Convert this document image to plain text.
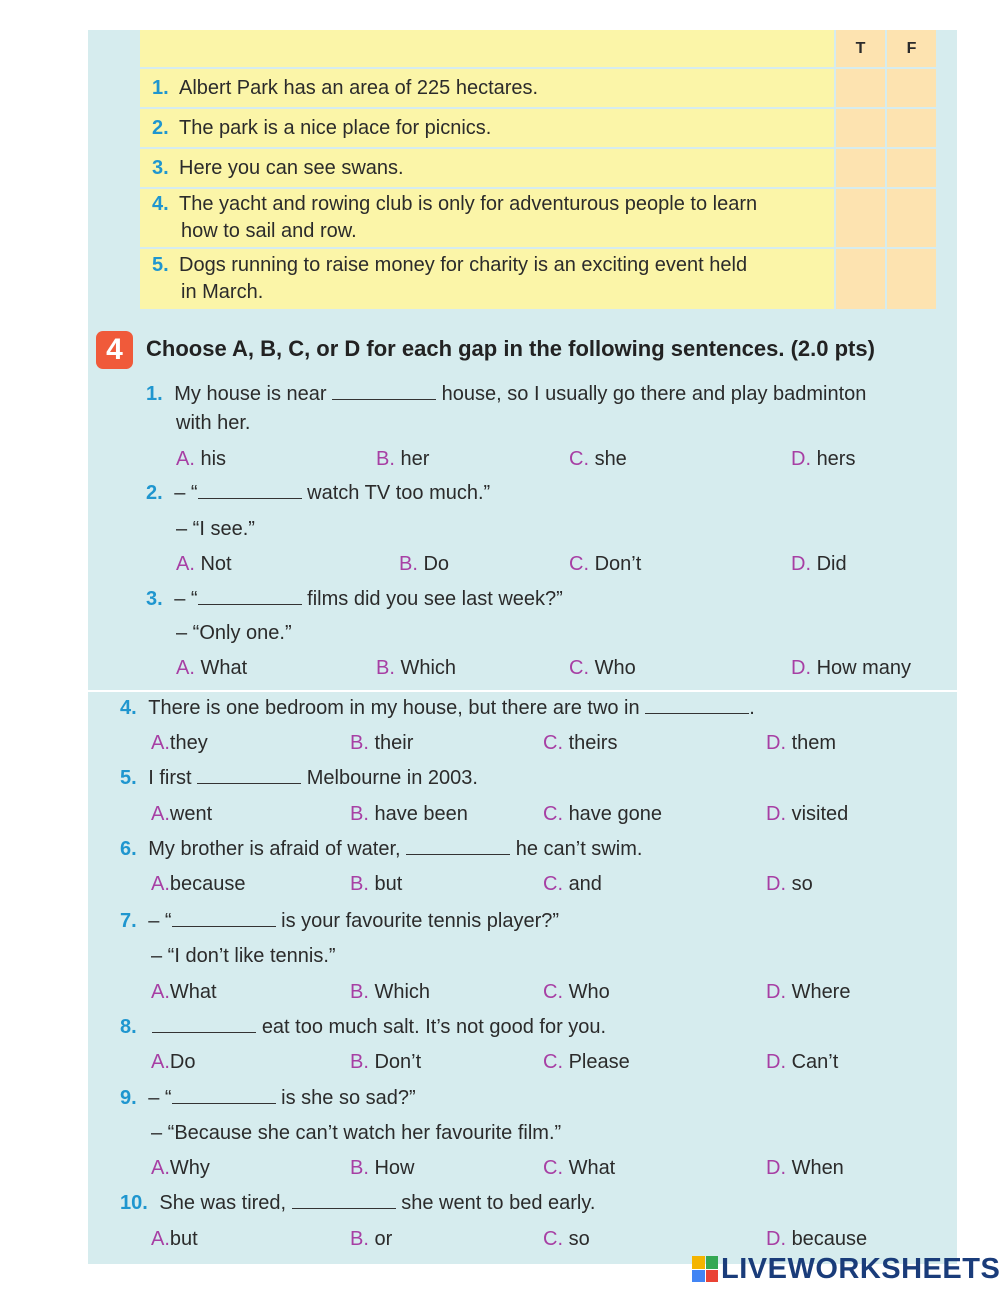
T	F
1. Albert Park has an area of 225 hectares.
2. The park is a nice place for picnics.
3. Here you can see swans.
4. The yacht and rowing club is only for adventurous people to learn
how to sail and row.
5. Dogs running to raise money for charity is an exciting event held
in March.
4	Choose A, B, C, or D for each gap in the following sentences. (2.0 pts)
1. My house is near	house, so I usually go there and play badminton
with her.
A. his	B. her	C. she	D. hers
2. – “	watch TV too much.”
– “I see.”
A. Not	B. Do	C. Don’t	D. Did
3. – “	films did you see last week?”
– “Only one.”
A. What	B. Which	C. Who	D. How many
4. There is one bedroom in my house, but there are two in	.
A.they	B. their	C. theirs	D. them
5. I first	Melbourne in 2003.
A.went	B. have been	C. have gone	D. visited
6. My brother is afraid of water,	he can’t swim.
A.because	B. but	C. and	D. so
7. – “	is your favourite tennis player?”
– “I don’t like tennis.”
A.What	B. Which	C. Who	D. Where
8.	eat too much salt. It’s not good for you.
A.Do	B. Don’t	C. Please	D. Can’t
9. – “	is she so sad?”
– “Because she can’t watch her favourite film.”
A.Why	B. How	C. What	D. When
10. She was tired,	she went to bed early.
A.but	B. or	C. so	D. because
LIVEWORKSHEETS
